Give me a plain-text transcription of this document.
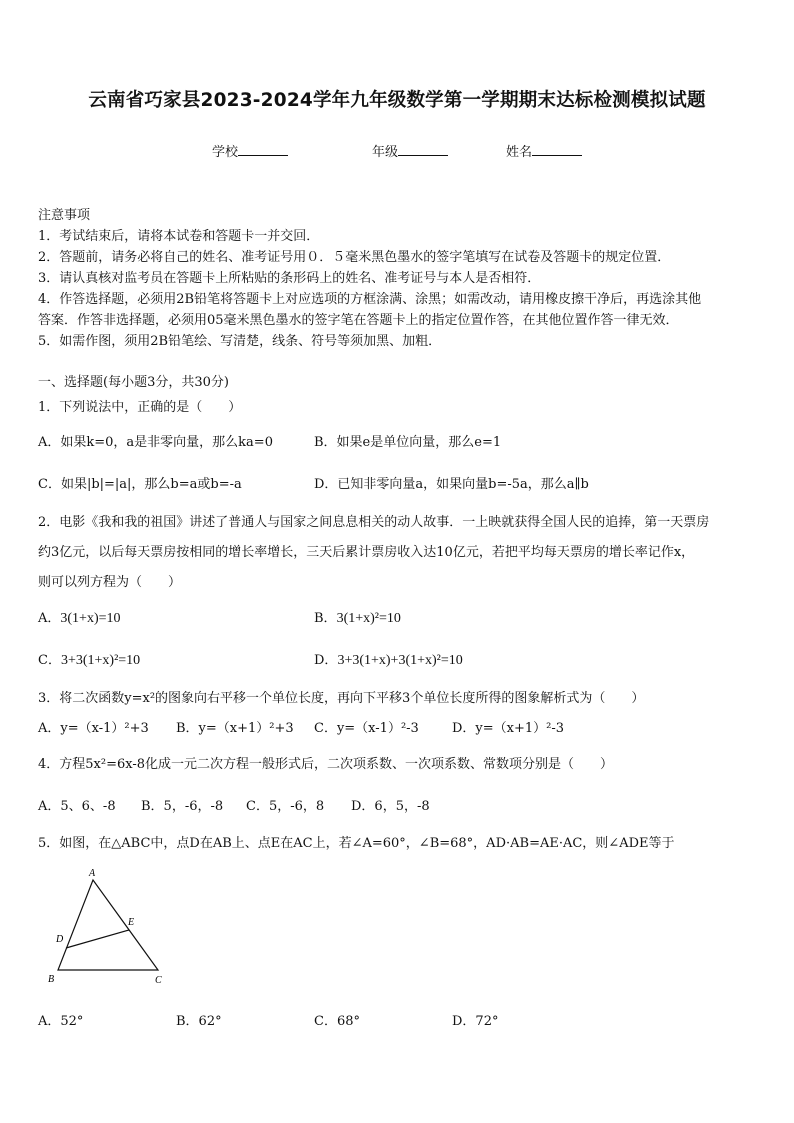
云南省巧家县2023-2024学年九年级数学第一学期期末达标检测模拟试题
学校	年级	姓名
注意事项
1．考试结束后，请将本试卷和答题卡一并交回．
2．答题前，请务必将自己的姓名、准考证号用０．５毫米黑色墨水的签字笔填写在试卷及答题卡的规定位置．
3．请认真核对监考员在答题卡上所粘贴的条形码上的姓名、准考证号与本人是否相符．
4．作答选择题，必须用2B铅笔将答题卡上对应选项的方框涂满、涂黑；如需改动，请用橡皮擦干净后，再选涂其他
答案．作答非选择题，必须用05毫米黑色墨水的签字笔在答题卡上的指定位置作答，在其他位置作答一律无效．
5．如需作图，须用2B铅笔绘、写清楚，线条、符号等须加黑、加粗．
一、选择题(每小题3分，共30分)
1．下列说法中，正确的是（　　）
A．如果k=0，a是非零向量，那么ka=0	B．如果e是单位向量，那么e=1
C．如果|b|=|a|，那么b=a或b=-a	D．已知非零向量a，如果向量b=-5a，那么a∥b
2．电影《我和我的祖国》讲述了普通人与国家之间息息相关的动人故事．一上映就获得全国人民的追捧，第一天票房
约3亿元，以后每天票房按相同的增长率增长，三天后累计票房收入达10亿元，若把平均每天票房的增长率记作x，
则可以列方程为（　　）
A．3(1+x)=10	B．3(1+x)²=10
C．3+3(1+x)²=10	D．3+3(1+x)+3(1+x)²=10
3．将二次函数y=x²的图象向右平移一个单位长度，再向下平移3个单位长度所得的图象解析式为（　　）
A．y=（x-1）²+3 B．y=（x+1）²+3 C．y=（x-1）²-3	D．y=（x+1）²-3
4．方程5x²=6x-8化成一元二次方程一般形式后，二次项系数、一次项系数、常数项分别是（　　）
A．5、6、-8 B．5，-6，-8 C．5，-6，8 D．6，5，-8
5．如图，在△ABC中，点D在AB上、点E在AC上，若∠A=60°，∠B=68°，AD·AB=AE·AC，则∠ADE等于
A
B	C
D
E
A．52°	B．62°	C．68°	D．72°
